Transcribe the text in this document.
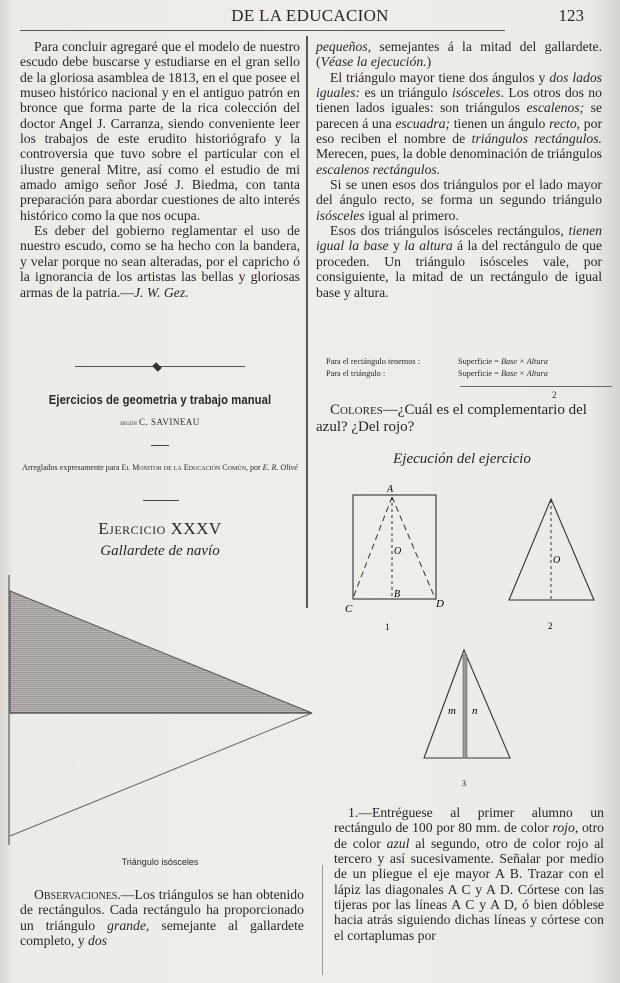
DE LA EDUCACION	123

Para concluir agregaré que el modelo de nuestro escudo debe buscarse y estudiarse en el gran sello de la gloriosa asamblea de 1813, en el que posee el museo histórico nacional y en el antiguo patrón en bronce que forma parte de la rica colección del doctor Angel J. Carranza, siendo conveniente leer los trabajos de este erudito historiógrafo y la controversia que tuvo sobre el particular con el ilustre general Mitre, así como el estudio de mi amado amigo señor José J. Biedma, con tanta preparación para abordar cuestiones de alto interés histórico como la que nos ocupa.

Es deber del gobierno reglamentar el uso de nuestro escudo, como se ha hecho con la bandera, y velar porque no sean alteradas, por el capricho ó la ignorancia de los artistas las bellas y gloriosas armas de la patria.—J. W. Gez.

Ejercicios de geometria y trabajo manual
según C. SAVINEAU
Arreglados expresamente para El Monitor de la Educación Común, por E. R. Olivé
Ejercicio XXXV
Gallardete de navío
Triángulo isósceles

Observaciones.—Los triángulos se han obtenido de rectángulos. Cada rectángulo ha proporcionado un triángulo grande, semejante al gallardete completo, y dos

pequeños, semejantes á la mitad del gallardete. (Véase la ejecución.)

El triángulo mayor tiene dos ángulos y dos lados iguales: es un triángulo isósceles. Los otros dos no tienen lados iguales: son triángulos escalenos; se parecen á una escuadra; tienen un ángulo recto, por eso reciben el nombre de triángulos rectángulos. Merecen, pues, la doble denominación de triángulos escalenos rectángulos.

Si se unen esos dos triángulos por el lado mayor del ángulo recto, se forma un segundo triángulo isósceles igual al primero.

Esos dos triángulos isósceles rectángulos, tienen igual la base y la altura á la del rectángulo de que proceden. Un triángulo isósceles vale, por consiguiente, la mitad de un rectángulo de igual base y altura.

Para el rectángulo tenemos :	Superficie = Base × Altura
Para el triángulo :	Superficie = Base × Altura
2

Colores—¿Cuál es el complementario del azul? ¿Del rojo?

Ejecución del ejercicio
A
O
B
C	D
1
O
2
m n
3

1.—Entréguese al primer alumno un rectángulo de 100 por 80 mm. de color rojo, otro de color azul al segundo, otro de color rojo al tercero y así sucesivamente. Señalar por medio de un pliegue el eje mayor A B. Trazar con el lápiz las diagonales A C y A D. Córtese con las tijeras por las líneas A C y A D, ó bien dóblese hacia atrás siguiendo dichas líneas y córtese con el cortaplumas por
